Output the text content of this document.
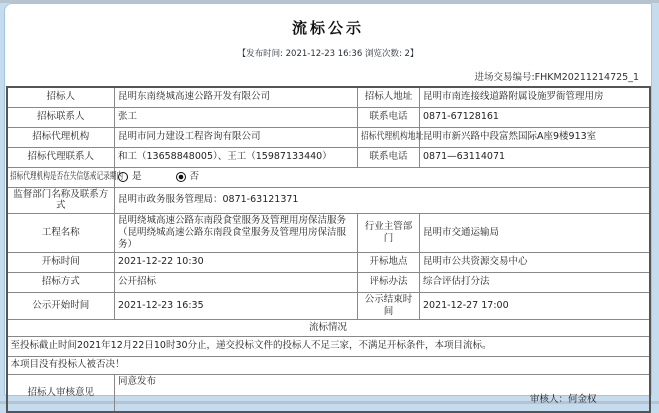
流标公示
【发布时间: 2021-12-23 16:36 浏览次数: 2】
进场交易编号:FHKM20211214725_1
招标人	昆明东南绕城高速公路开发有限公司	招标人地址	昆明市南连接线道路附属设施罗衙管理用房
招标联系人	张工	联系电话	0871-67128161
招标代理机构	昆明市同力建设工程咨询有限公司	招标代理机构地址	昆明市新兴路中段富然国际A座9楼913室
招标代理联系人	和工（13658848005）、王工（15987133440）	联系电话	0871—63114071
招标代理机构是否在失信惩戒记录期内	是 否		

监督部门名称及联系方式	昆明市政务服务管理局：0871-63121371		
工程名称	昆明绕城高速公路东南段食堂服务及管理用房保洁服务（昆明绕城高速公路东南段食堂服务及管理用房保洁服务）	行业主管部门	昆明市交通运输局
开标时间	2021-12-22 10:30	开标地点	昆明市公共资源交易中心
招标方式	公开招标	评标办法	综合评估打分法
公示开始时间	2021-12-23 16:35	公示结束时间	2021-12-27 17:00
流标情况			
至投标截止时间2021年12月22日10时30分止，递交投标文件的投标人不足三家，不满足开标条件，本项目流标。			
本项目没有投标人被否决！			
招标人审核意见	同意发布
审核人：何金权		
